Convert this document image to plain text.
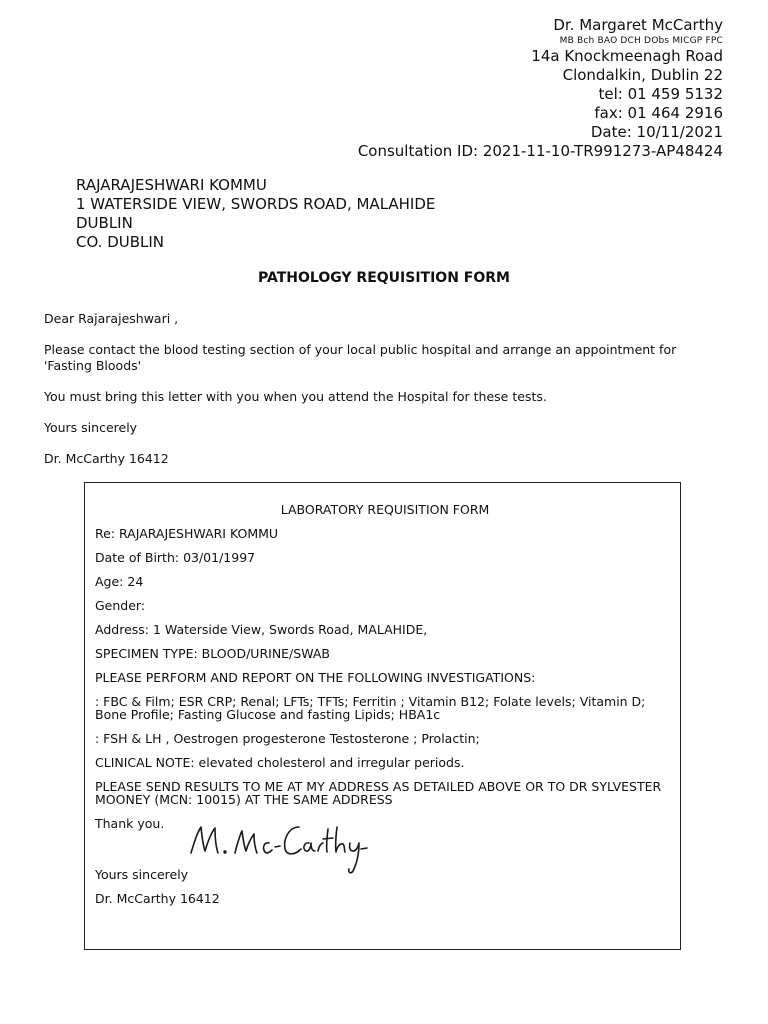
Dr. Margaret McCarthy
MB Bch BAO DCH DObs MICGP FPC
14a Knockmeenagh Road
Clondalkin, Dublin 22
tel: 01 459 5132
fax: 01 464 2916
Date: 10/11/2021
Consultation ID: 2021-11-10-TR991273-AP48424
RAJARAJESHWARI KOMMU
1 WATERSIDE VIEW, SWORDS ROAD, MALAHIDE
DUBLIN
CO. DUBLIN
PATHOLOGY REQUISITION FORM

Dear Rajarajeshwari ,

Please contact the blood testing section of your local public hospital and arrange an appointment for 'Fasting Bloods'

You must bring this letter with you when you attend the Hospital for these tests.

Yours sincerely

Dr. McCarthy 16412

LABORATORY REQUISITION FORM

Re: RAJARAJESHWARI KOMMU

Date of Birth: 03/01/1997

Age: 24

Gender:

Address: 1 Waterside View, Swords Road, MALAHIDE,

SPECIMEN TYPE: BLOOD/URINE/SWAB

PLEASE PERFORM AND REPORT ON THE FOLLOWING INVESTIGATIONS:

: FBC & Film; ESR CRP; Renal; LFTs; TFTs; Ferritin ; Vitamin B12; Folate levels; Vitamin D; Bone Profile; Fasting Glucose and fasting Lipids; HBA1c

: FSH & LH , Oestrogen progesterone Testosterone ; Prolactin;

CLINICAL NOTE: elevated cholesterol and irregular periods.

PLEASE SEND RESULTS TO ME AT MY ADDRESS AS DETAILED ABOVE OR TO DR SYLVESTER MOONEY (MCN: 10015) AT THE SAME ADDRESS

Thank you.

Yours sincerely

Dr. McCarthy 16412
